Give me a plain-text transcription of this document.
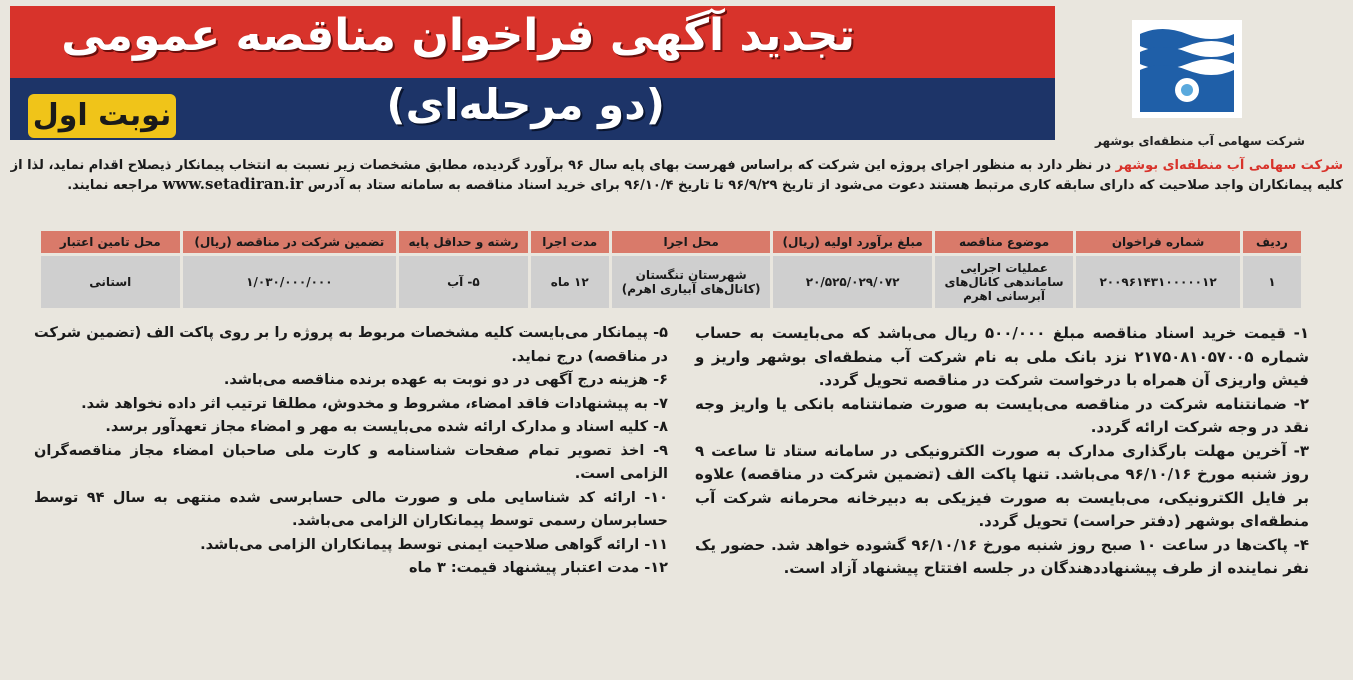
تجدید آگهی فراخوان مناقصه عمومی
(دو مرحله‌ای)
نوبت اول
شرکت سهامی آب منطقه‌ای بوشهر
شرکت سهامی آب منطقه‌ای بوشهر در نظر دارد به منظور اجرای پروژه این شرکت که براساس فهرست بهای پایه سال ۹۶ برآورد گردیده، مطابق مشخصات زیر نسبت به انتخاب پیمانکار ذیصلاح اقدام نماید، لذا از کلیه پیمانکاران واجد صلاحیت که دارای سابقه کاری مرتبط هستند دعوت می‌شود از تاریخ ۹۶/۹/۲۹ تا تاریخ ۹۶/۱۰/۴ برای خرید اسناد مناقصه به سامانه ستاد به آدرس www.setadiran.ir مراجعه نمایند.
ردیف	شماره فراخوان	موضوع مناقصه	مبلغ برآورد اولیه (ریال)	محل اجرا	مدت اجرا	رشته و حداقل پایه	تضمین شرکت در مناقصه (ریال)	محل تامین اعتبار
۱	۲۰۰۹۶۱۴۳۱۰۰۰۰۰۱۲	عملیات اجرایی ساماندهی کانال‌های آبرسانی اهرم	۲۰/۵۲۵/۰۲۹/۰۷۲	شهرستان تنگستان (کانال‌های آبیاری اهرم)	۱۲ ماه	۵- آب	۱/۰۳۰/۰۰۰/۰۰۰	استانی

۱- قیمت خرید اسناد مناقصه مبلغ ۵۰۰/۰۰۰ ریال می‌باشد که می‌بایست به حساب شماره ۲۱۷۵۰۸۱۰۵۷۰۰۵ نزد بانک ملی به نام شرکت آب منطقه‌ای بوشهر واریز و فیش واریزی آن همراه با درخواست شرکت در مناقصه تحویل گردد.

۲- ضمانتنامه شرکت در مناقصه می‌بایست به صورت ضمانتنامه بانکی یا واریز وجه نقد در وجه شرکت ارائه گردد.

۳- آخرین مهلت بارگذاری مدارک به صورت الکترونیکی در سامانه ستاد تا ساعت ۹ روز شنبه مورخ ۹۶/۱۰/۱۶ می‌باشد. تنها پاکت الف (تضمین شرکت در مناقصه) علاوه بر فایل الکترونیکی، می‌بایست به صورت فیزیکی به دبیرخانه محرمانه شرکت آب منطقه‌ای بوشهر (دفتر حراست) تحویل گردد.

۴- پاکت‌ها در ساعت ۱۰ صبح روز شنبه مورخ ۹۶/۱۰/۱۶ گشوده خواهد شد. حضور یک نفر نماینده از طرف پیشنهاددهندگان در جلسه افتتاح پیشنهاد آزاد است.

۵- پیمانکار می‌بایست کلیه مشخصات مربوط به پروژه را بر روی پاکت الف (تضمین شرکت در مناقصه) درج نماید.

۶- هزینه درج آگهی در دو نوبت به عهده برنده مناقصه می‌باشد.

۷- به پیشنهادات فاقد امضاء، مشروط و مخدوش، مطلقا ترتیب اثر داده نخواهد شد.

۸- کلیه اسناد و مدارک ارائه شده می‌بایست به مهر و امضاء مجاز تعهدآور برسد.

۹- اخذ تصویر تمام صفحات شناسنامه و کارت ملی صاحبان امضاء مجاز مناقصه‌گران الزامی است.

۱۰- ارائه کد شناسایی ملی و صورت مالی حسابرسی شده منتهی به سال ۹۴ توسط حسابرسان رسمی توسط پیمانکاران الزامی می‌باشد.

۱۱- ارائه گواهی صلاحیت ایمنی توسط پیمانکاران الزامی می‌باشد.

۱۲- مدت اعتبار پیشنهاد قیمت: ۳ ماه
